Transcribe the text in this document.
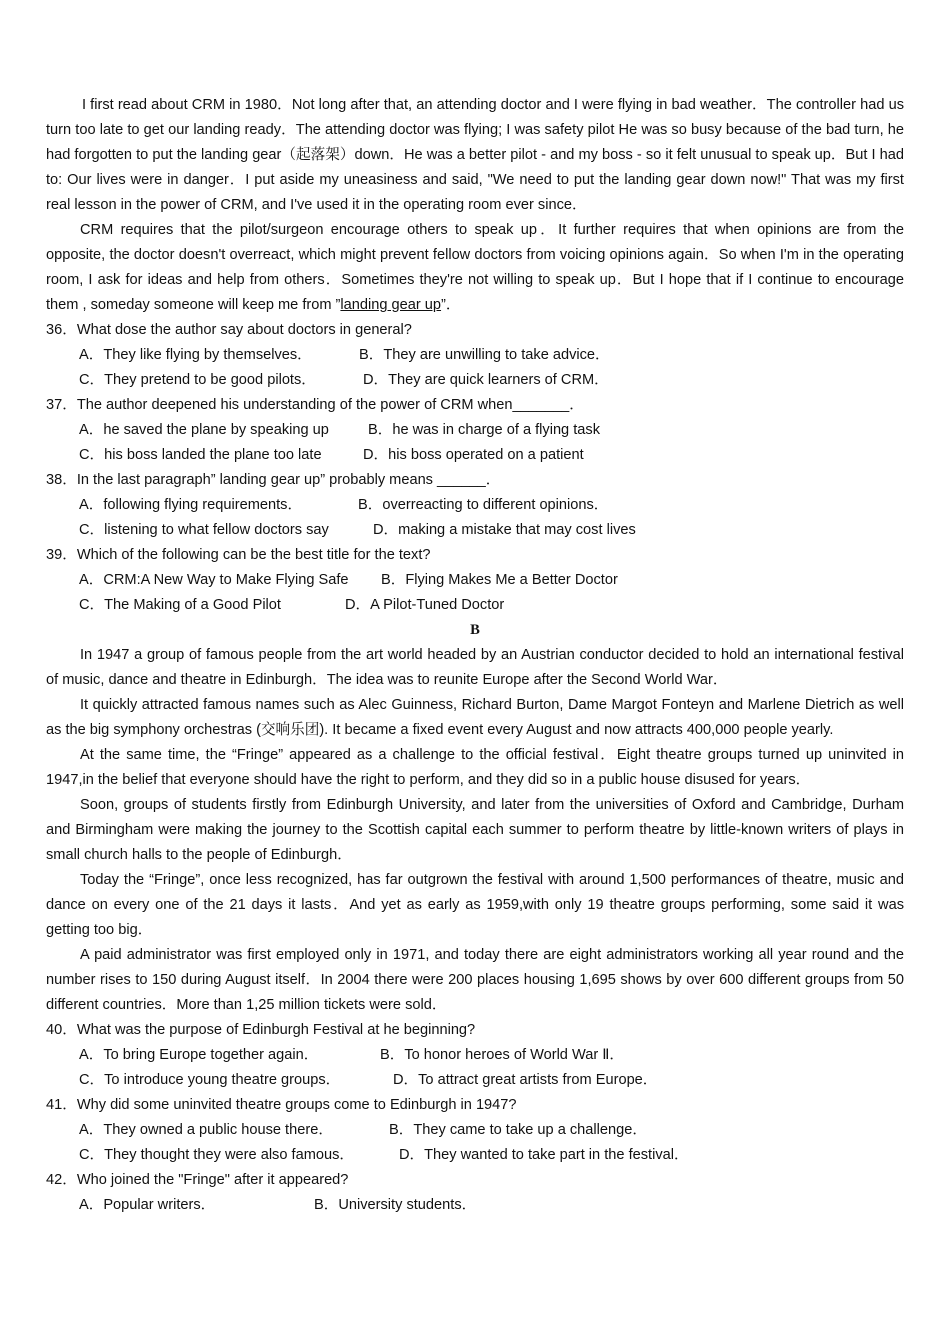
I first read about CRM in 1980．Not long after that, an attending doctor and I were flying in bad weather．The controller had us turn too late to get our landing ready．The attending doctor was flying; I was safety pilot He was so busy because of the bad turn, he had forgotten to put the landing gear（起落架）down．He was a better pilot - and my boss - so it felt unusual to speak up．But I had to: Our lives were in danger．I put aside my uneasiness and said, "We need to put the landing gear down now!" That was my first real lesson in the power of CRM, and I've used it in the operating room ever since．

CRM requires that the pilot/surgeon encourage others to speak up．It further requires that when opinions are from the opposite, the doctor doesn't overreact, which might prevent fellow doctors from voicing opinions again．So when I'm in the operating room, I ask for ideas and help from others．Sometimes they're not willing to speak up．But I hope that if I continue to encourage them , someday someone will keep me from ”landing gear up”．

36．What dose the author say about doctors in general?

A．They like flying by themselves．	B．They are unwilling to take advice．
C．They pretend to be good pilots．	D．They are quick learners of CRM．

37．The author deepened his understanding of the power of CRM when_______．

A．he saved the plane by speaking up	B．he was in charge of a flying task
C．his boss landed the plane too late	D．his boss operated on a patient

38．In the last paragraph” landing gear up” probably means ______．

A．following flying requirements．	B．overreacting to different opinions．
C．listening to what fellow doctors say	D．making a mistake that may cost lives

39．Which of the following can be the best title for the text?

A．CRM:A New Way to Make Flying Safe B．Flying Makes Me a Better Doctor
C．The Making of a Good Pilot	D．A Pilot-Tuned Doctor

B

In 1947 a group of famous people from the art world headed by an Austrian conductor decided to hold an international festival of music, dance and theatre in Edinburgh．The idea was to reunite Europe after the Second World War．

It quickly attracted famous names such as Alec Guinness, Richard Burton, Dame Margot Fonteyn and Marlene Dietrich as well as the big symphony orchestras (交响乐团). It became a fixed event every August and now attracts 400,000 people yearly.

At the same time, the “Fringe” appeared as a challenge to the official festival．Eight theatre groups turned up uninvited in 1947,in the belief that everyone should have the right to perform, and they did so in a public house disused for years．

Soon, groups of students firstly from Edinburgh University, and later from the universities of Oxford and Cambridge, Durham and Birmingham were making the journey to the Scottish capital each summer to perform theatre by little-known writers of plays in small church halls to the people of Edinburgh．

Today the “Fringe”, once less recognized, has far outgrown the festival with around 1,500 performances of theatre, music and dance on every one of the 21 days it lasts．And yet as early as 1959,with only 19 theatre groups performing, some said it was getting too big．

A paid administrator was first employed only in 1971, and today there are eight administrators working all year round and the number rises to 150 during August itself．In 2004 there were 200 places housing 1,695 shows by over 600 different groups from 50 different countries．More than 1,25 million tickets were sold．

40．What was the purpose of Edinburgh Festival at he beginning?

A．To bring Europe together again．	B．To honor heroes of World War Ⅱ．
C．To introduce young theatre groups．	D．To attract great artists from Europe．

41．Why did some uninvited theatre groups come to Edinburgh in 1947?

A．They owned a public house there．	B．They came to take up a challenge．
C．They thought they were also famous．	D．They wanted to take part in the festival．

42．Who joined the "Fringe" after it appeared?

A．Popular writers．	B．University students．
